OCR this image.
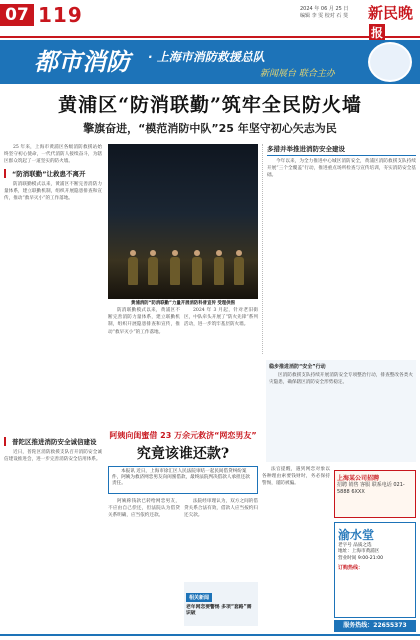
07 119	2024 年 06 月 25 日
编辑 李 雯 校对 石 斐 新民晚报
都市消防 · 上海市消防救援总队
新闻展台 联合主办
黄浦区“防消联勤”筑牢全民防火墙
擎旗奋进，“模范消防中队”25 年坚守初心矢志为民

25 年来，上海市黄浦区各级消防救援站始终坚守初心使命，一代代消防人接续奋斗，为辖区群众筑起了一道坚实的防火墙。

“防消联勤”让救患不离开

防消联勤模式以来，黄浦区不断完善消防力量体系，建立联勤机制，组织开展隐患排查和宣传，推动“救早灭小”的工作落地。

黄浦消防“防消联勤”力量开展消防科普宣传 受理供图

防消联勤模式以来，黄浦区不断完善消防力量体系，建立联勤机制，组织开展隐患排查和宣传，推动“救早灭小”的工作落地。

2024 年 3 月起，针对老旧街区，中队牵头开展了“防火先锋”系列活动，进一步筑牢基层防火墙。

多措并举推进消防安全建设

今年以来，为全力推进中心城区消防安全，黄浦区消防救援支队持续开展“三个全覆盖”行动，推进重点场所检查与宣传培训，夯实消防安全基础。

普陀区推进消防安全诚信建设

近日，普陀区消防救援支队召开消防安全诚信建设推进会，进一步完善消防安全信用体系。

阿姨向闺蜜借 23 万余元救济“网恋男友”
究竟该谁还款?

本报讯 近日，上海市徐汇区人民法院审结一起民间借贷纠纷案件，阿姨为救济网恋男友向闺蜜借款，最终法院判决借款人承担还款责任。

阿姨称钱款已转给网恋男友，不应由自己偿还，但法院认为借贷关系明确，应当依约还款。

法院经审理认为，双方之间的借贷关系合法有效，借款人应当按约归还欠款。

相关新闻
老年网恋要警惕 多项“套路”需识破

法官提醒，遇到网恋对象以各种理由索要钱财时，务必保持警惕，谨防被骗。

稳步推进消防“安全”行动

区消防救援支队持续开展消防安全专项整治行动，排查整改各类火灾隐患，确保辖区消防安全形势稳定。

上海某公司招聘
招聘 销售 客服 联系电话 021-5888 6XXX
渝水堂
老字号 品质之选
地址：上海市黄浦区
营业时间 9:00-21:00
订购热线：
服务热线：22655373
